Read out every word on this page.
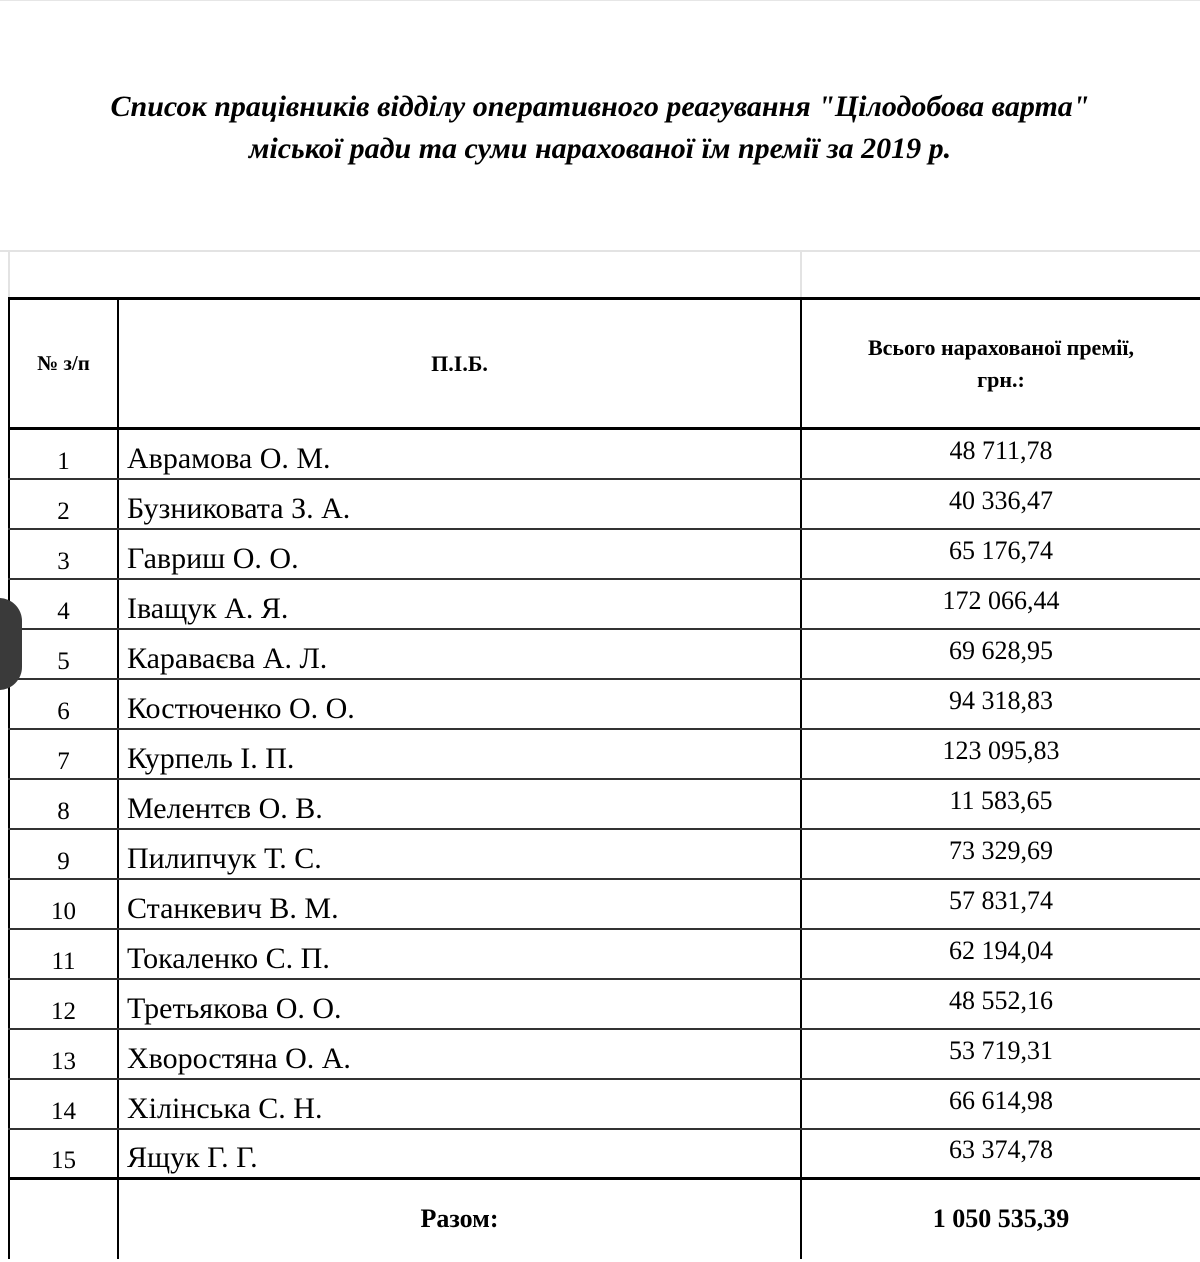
Список працівників відділу оперативного реагування "Цілодобова варта"
міської ради та суми нарахованої їм премії за 2019 р.
№ з/п	П.І.Б.	Всього нарахованої премії,
грн.:
1	Аврамова О. М.	48 711,78
2	Бузниковата З. А.	40 336,47
3	Гавриш О. О.	65 176,74
4	Іващук А. Я.	172 066,44
5	Караваєва А. Л.	69 628,95
6	Костюченко О. О.	94 318,83
7	Курпель І. П.	123 095,83
8	Мелентєв О. В.	11 583,65
9	Пилипчук Т. С.	73 329,69
10	Станкевич В. М.	57 831,74
11	Токаленко С. П.	62 194,04
12	Третьякова О. О.	48 552,16
13	Хворостяна О. А.	53 719,31
14	Хілінська С. Н.	66 614,98
15	Ящук Г. Г.	63 374,78
	Разом:	1 050 535,39
